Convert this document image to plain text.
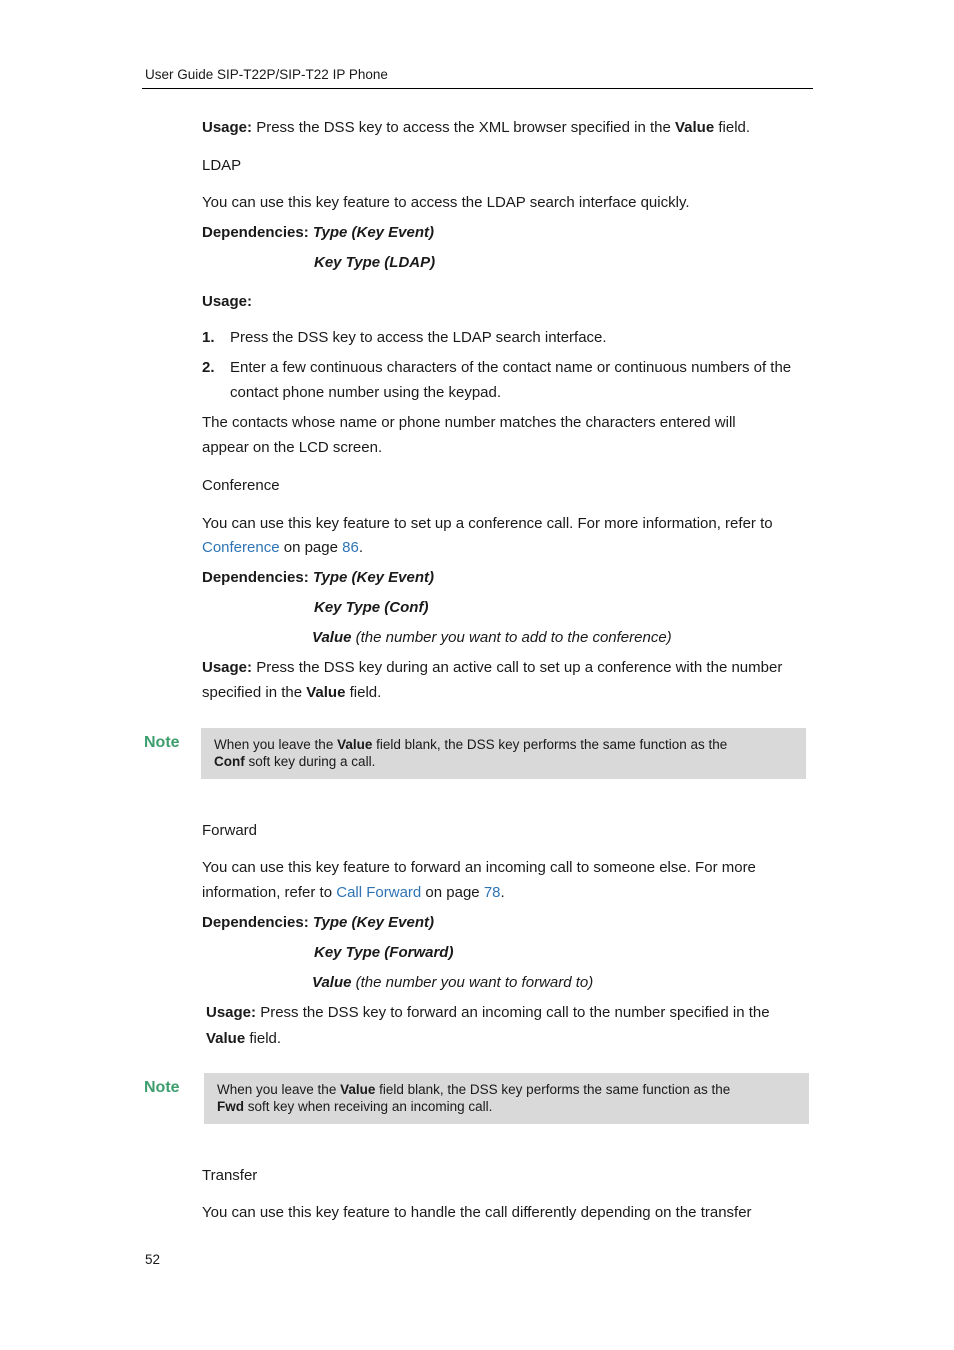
User Guide SIP-T22P/SIP-T22 IP Phone
Usage: Press the DSS key to access the XML browser specified in the Value field.
LDAP
You can use this key feature to access the LDAP search interface quickly.
Dependencies: Type (Key Event)
Key Type (LDAP)
Usage:
1. Press the DSS key to access the LDAP search interface.
2. Enter a few continuous characters of the contact name or continuous numbers of the
contact phone number using the keypad.
The contacts whose name or phone number matches the characters entered will
appear on the LCD screen.
Conference
You can use this key feature to set up a conference call. For more information, refer to
Conference on page 86.
Dependencies: Type (Key Event)
Key Type (Conf)
Value (the number you want to add to the conference)
Usage: Press the DSS key during an active call to set up a conference with the number
specified in the Value field.
Note	When you leave the Value field blank, the DSS key performs the same function as the
Conf soft key during a call.
Forward
You can use this key feature to forward an incoming call to someone else. For more
information, refer to Call Forward on page 78.
Dependencies: Type (Key Event)
Key Type (Forward)
Value (the number you want to forward to)
Usage: Press the DSS key to forward an incoming call to the number specified in the
Value field.
Note	When you leave the Value field blank, the DSS key performs the same function as the
Fwd soft key when receiving an incoming call.
Transfer
You can use this key feature to handle the call differently depending on the transfer
52
